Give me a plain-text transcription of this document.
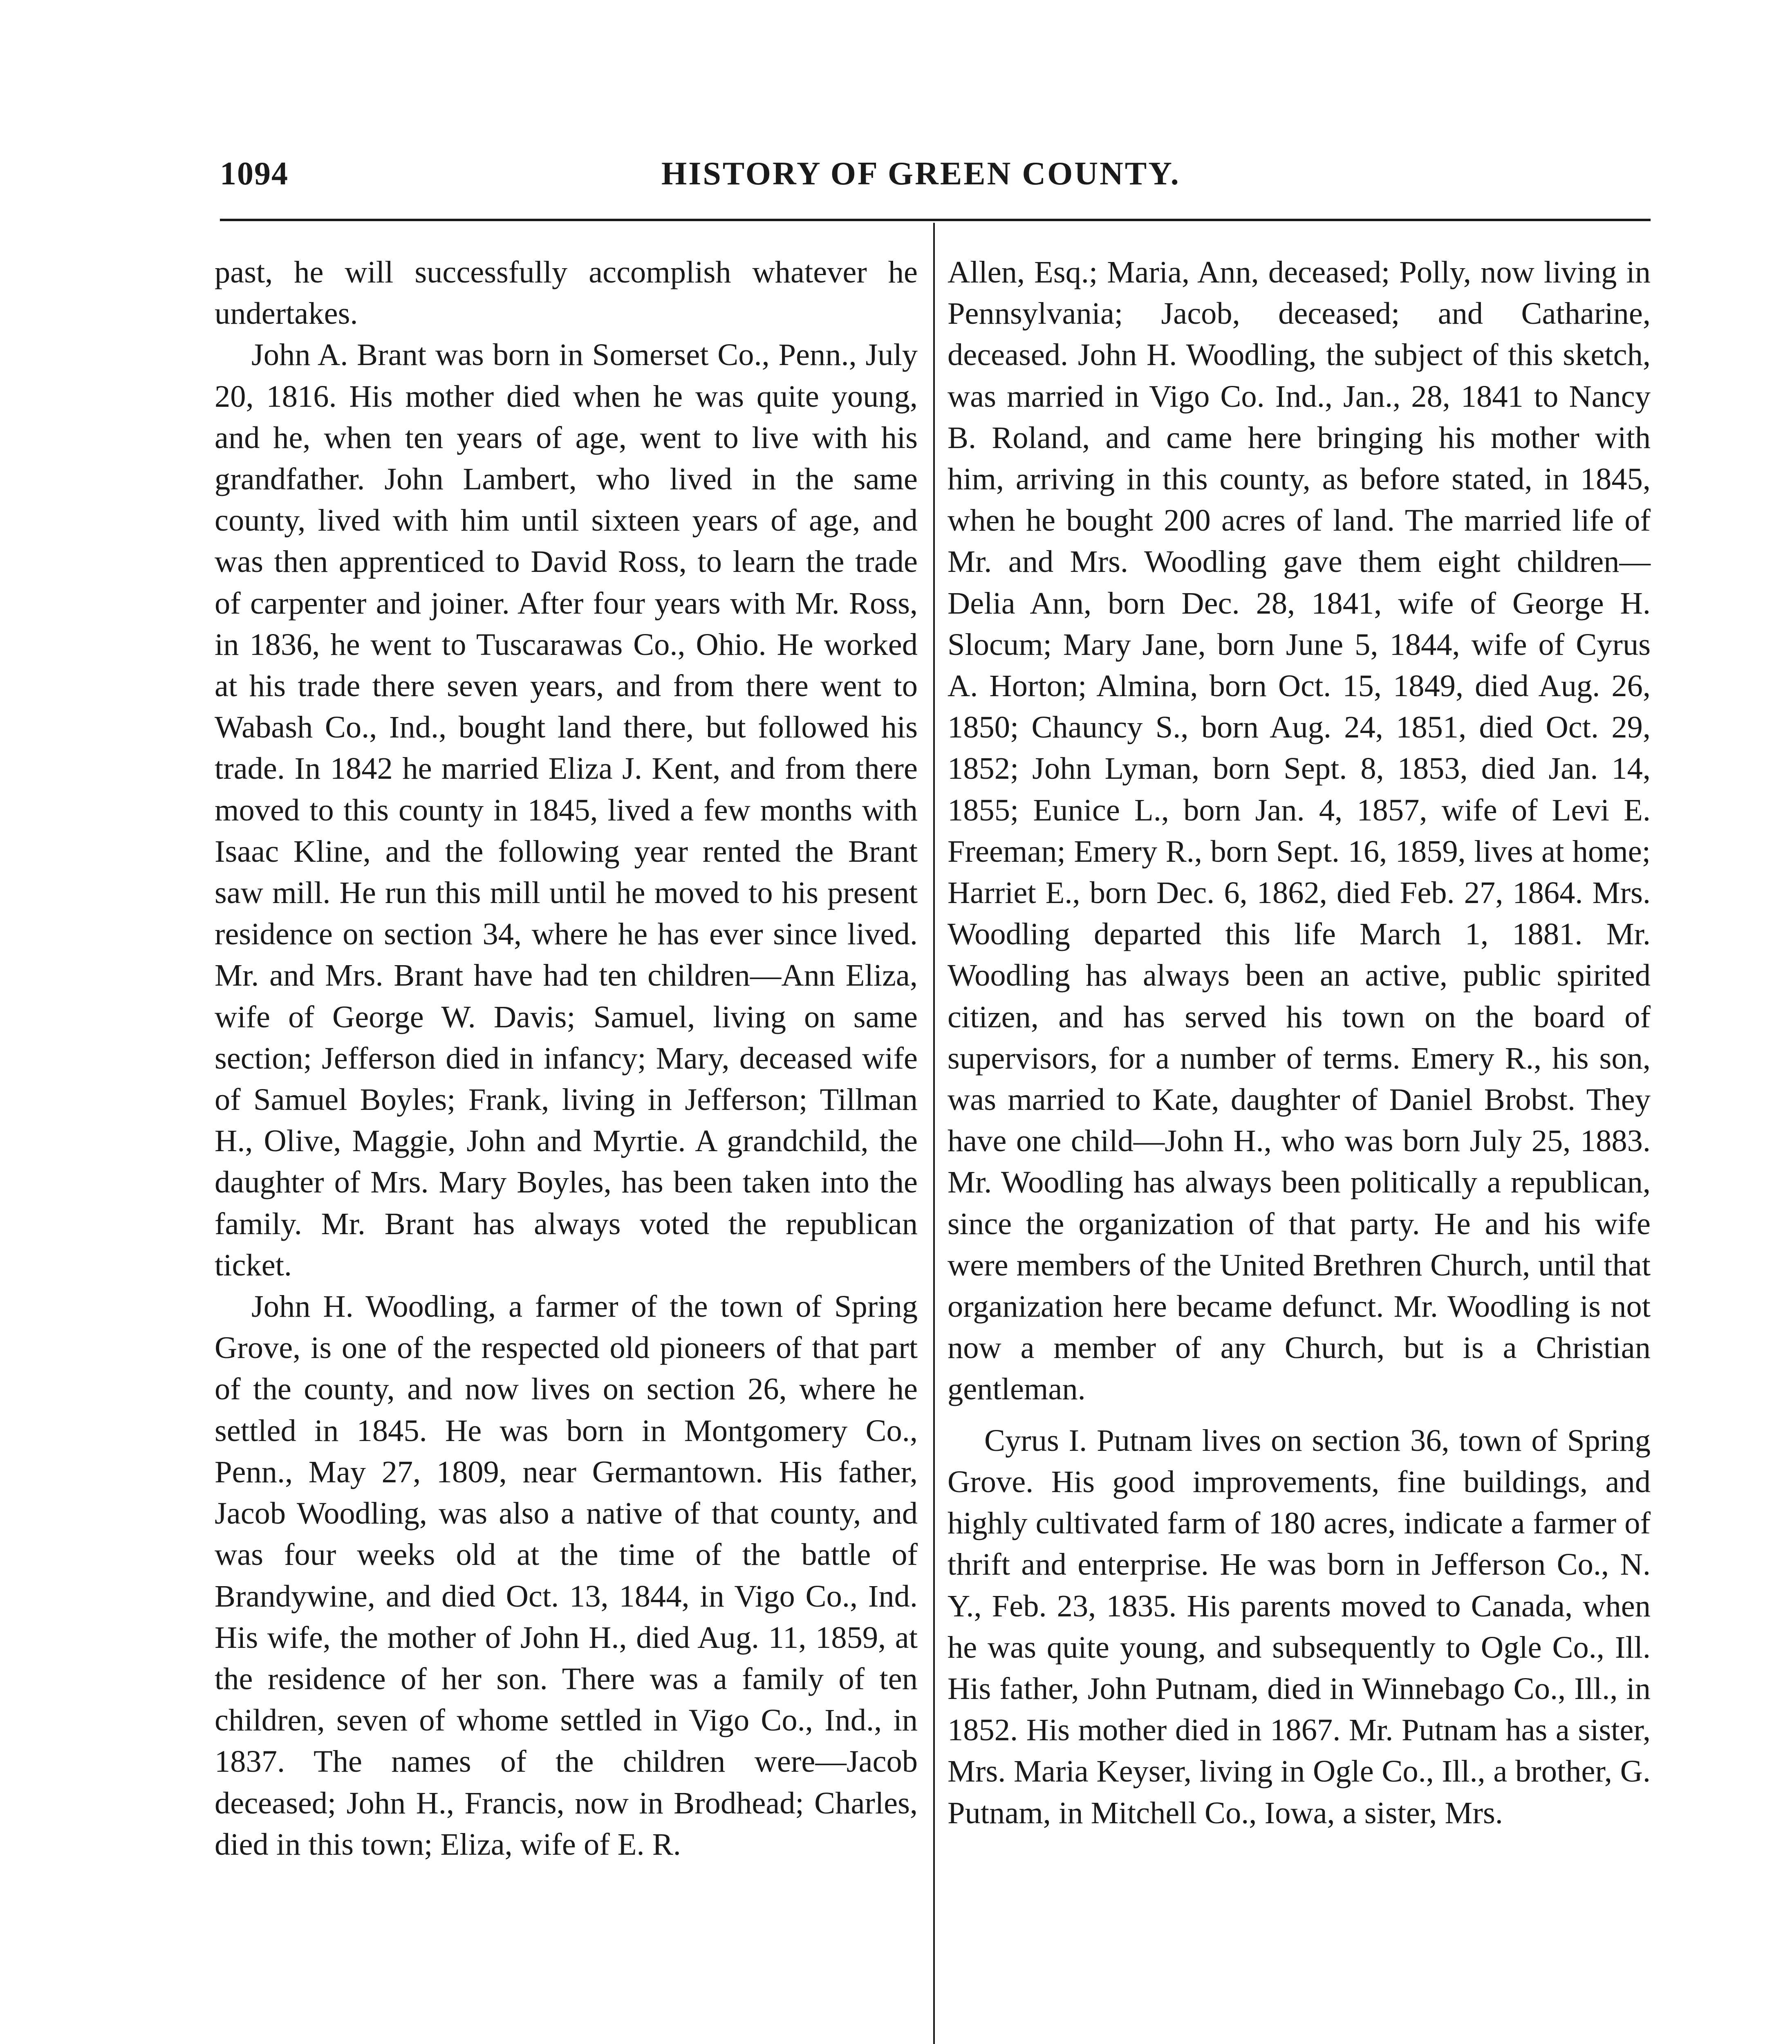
1094	HISTORY OF GREEN COUNTY.

past, he will successfully accomplish whatever he undertakes.

John A. Brant was born in Somerset Co., Penn., July 20, 1816. His mother died when he was quite young, and he, when ten years of age, went to live with his grandfather. John Lambert, who lived in the same county, lived with him until sixteen years of age, and was then apprenticed to David Ross, to learn the trade of carpenter and joiner. After four years with Mr. Ross, in 1836, he went to Tuscarawas Co., Ohio. He worked at his trade there seven years, and from there went to Wabash Co., Ind., bought land there, but followed his trade. In 1842 he married Eliza J. Kent, and from there moved to this county in 1845, lived a few months with Isaac Kline, and the following year rented the Brant saw mill. He run this mill until he moved to his present residence on section 34, where he has ever since lived. Mr. and Mrs. Brant have had ten children—Ann Eliza, wife of George W. Davis; Samuel, living on same section; Jefferson died in infancy; Mary, deceased wife of Samuel Boyles; Frank, living in Jefferson; Tillman H., Olive, Maggie, John and Myrtie. A grandchild, the daughter of Mrs. Mary Boyles, has been taken into the family. Mr. Brant has always voted the republican ticket.

John H. Woodling, a farmer of the town of Spring Grove, is one of the respected old pioneers of that part of the county, and now lives on section 26, where he settled in 1845. He was born in Montgomery Co., Penn., May 27, 1809, near Germantown. His father, Jacob Woodling, was also a native of that county, and was four weeks old at the time of the battle of Brandywine, and died Oct. 13, 1844, in Vigo Co., Ind. His wife, the mother of John H., died Aug. 11, 1859, at the residence of her son. There was a family of ten children, seven of whome settled in Vigo Co., Ind., in 1837. The names of the children were—Jacob deceased; John H., Francis, now in Brodhead; Charles, died in this town; Eliza, wife of E. R.

Allen, Esq.; Maria, Ann, deceased; Polly, now living in Pennsylvania; Jacob, deceased; and Catharine, deceased. John H. Woodling, the subject of this sketch, was married in Vigo Co. Ind., Jan., 28, 1841 to Nancy B. Roland, and came here bringing his mother with him, arriving in this county, as before stated, in 1845, when he bought 200 acres of land. The married life of Mr. and Mrs. Woodling gave them eight children—Delia Ann, born Dec. 28, 1841, wife of George H. Slocum; Mary Jane, born June 5, 1844, wife of Cyrus A. Horton; Almina, born Oct. 15, 1849, died Aug. 26, 1850; Chauncy S., born Aug. 24, 1851, died Oct. 29, 1852; John Lyman, born Sept. 8, 1853, died Jan. 14, 1855; Eunice L., born Jan. 4, 1857, wife of Levi E. Freeman; Emery R., born Sept. 16, 1859, lives at home; Harriet E., born Dec. 6, 1862, died Feb. 27, 1864. Mrs. Woodling departed this life March 1, 1881. Mr. Woodling has always been an active, public spirited citizen, and has served his town on the board of supervisors, for a number of terms. Emery R., his son, was married to Kate, daughter of Daniel Brobst. They have one child—John H., who was born July 25, 1883. Mr. Woodling has always been politically a republican, since the organization of that party. He and his wife were members of the United Brethren Church, until that organization here became defunct. Mr. Woodling is not now a member of any Church, but is a Christian gentleman.

Cyrus I. Putnam lives on section 36, town of Spring Grove. His good improvements, fine buildings, and highly cultivated farm of 180 acres, indicate a farmer of thrift and enterprise. He was born in Jefferson Co., N. Y., Feb. 23, 1835. His parents moved to Canada, when he was quite young, and subsequently to Ogle Co., Ill. His father, John Putnam, died in Winnebago Co., Ill., in 1852. His mother died in 1867. Mr. Putnam has a sister, Mrs. Maria Keyser, living in Ogle Co., Ill., a brother, G. Putnam, in Mitchell Co., Iowa, a sister, Mrs.
